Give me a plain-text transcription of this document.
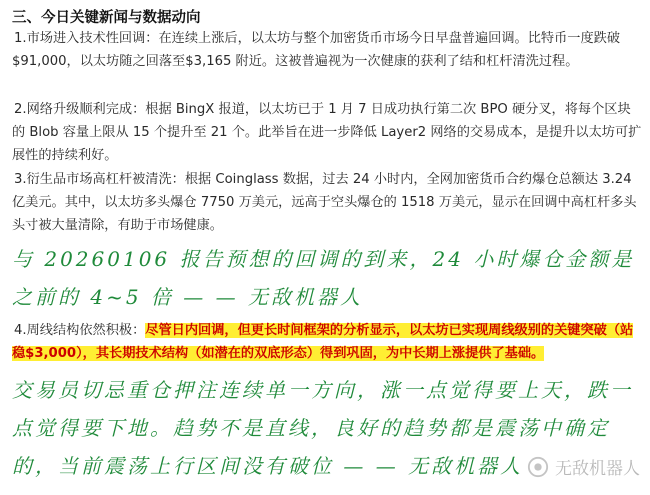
三、今日关键新闻与数据动向
1.市场进入技术性回调：在连续上涨后，以太坊与整个加密货币市场今日早盘普遍回调。比特币一度跌破$91,000，以太坊随之回落至$3,165 附近。这被普遍视为一次健康的获利了结和杠杆清洗过程。
2.网络升级顺利完成：根据 BingX 报道，以太坊已于 1 月 7 日成功执行第二次 BPO 硬分叉，将每个区块的 Blob 容量上限从 15 个提升至 21 个。此举旨在进一步降低 Layer2 网络的交易成本，是提升以太坊可扩展性的持续利好。
3.衍生品市场高杠杆被清洗：根据 Coinglass 数据，过去 24 小时内，全网加密货币合约爆仓总额达 3.24 亿美元。其中，以太坊多头爆仓 7750 万美元，远高于空头爆仓的 1518 万美元，显示在回调中高杠杆多头头寸被大量清除，有助于市场健康。
与 20260106 报告预想的回调的到来，24 小时爆仓金额是之前的 4~5 倍 — — 无敌机器人
4.周线结构依然积极：尽管日内回调，但更长时间框架的分析显示，以太坊已实现周线级别的关键突破（站稳$3,000），其长期技术结构（如潜在的双底形态）得到巩固，为中长期上涨提供了基础。
交易员切忌重仓押注连续单一方向，涨一点觉得要上天，跌一点觉得要下地。趋势不是直线，良好的趋势都是震荡中确定的，当前震荡上行区间没有破位 — — 无敌机器人	无敌机器人
